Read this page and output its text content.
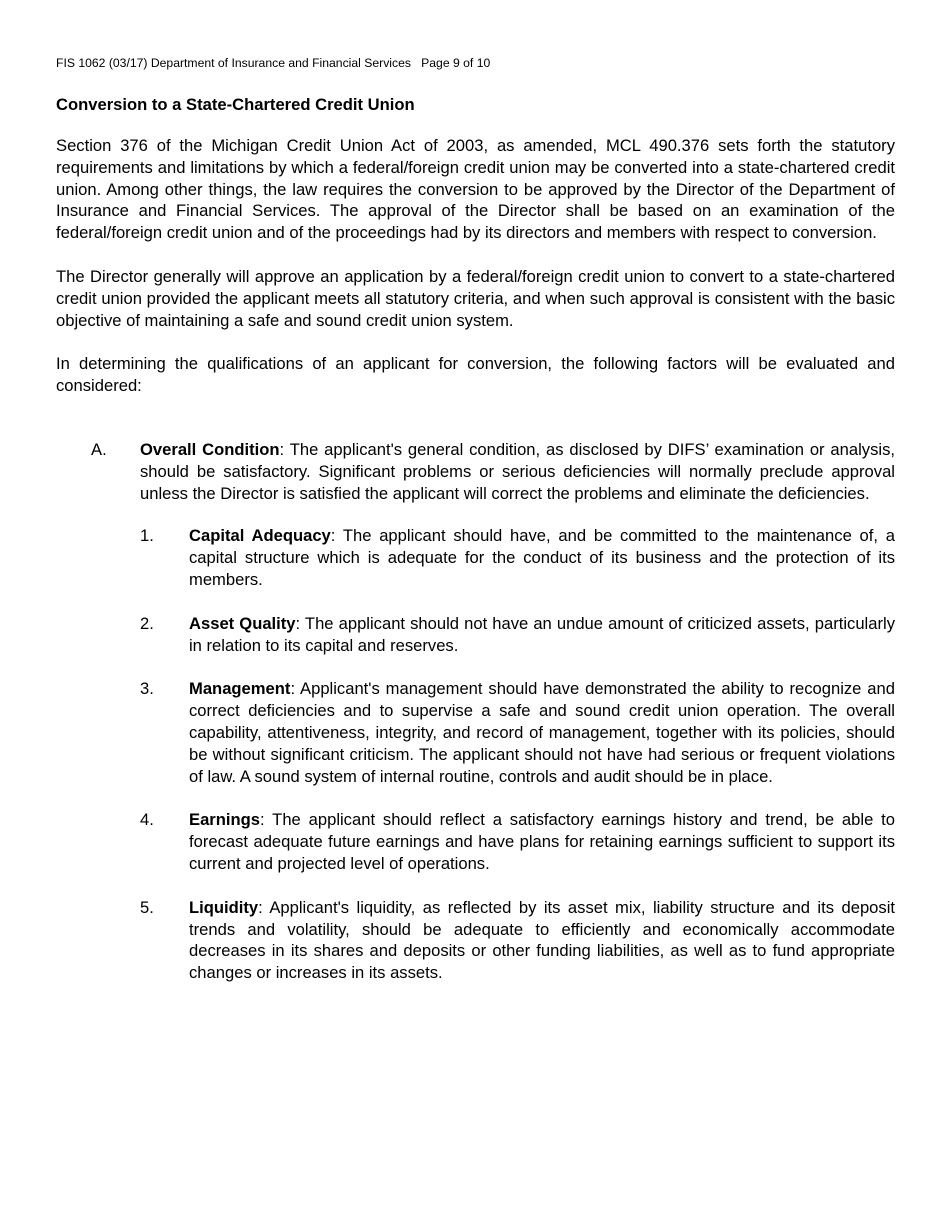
FIS 1062 (03/17) Department of Insurance and Financial Services   Page 9 of 10
Conversion to a State-Chartered Credit Union
Section 376 of the Michigan Credit Union Act of 2003, as amended, MCL 490.376 sets forth the statutory requirements and limitations by which a federal/foreign credit union may be converted into a state-chartered credit union. Among other things, the law requires the conversion to be approved by the Director of the Department of Insurance and Financial Services. The approval of the Director shall be based on an examination of the federal/foreign credit union and of the proceedings had by its directors and members with respect to conversion.
The Director generally will approve an application by a federal/foreign credit union to convert to a state-chartered credit union provided the applicant meets all statutory criteria, and when such approval is consistent with the basic objective of maintaining a safe and sound credit union system.
In determining the qualifications of an applicant for conversion, the following factors will be evaluated and considered:
A. Overall Condition: The applicant's general condition, as disclosed by DIFS’ examination or analysis, should be satisfactory. Significant problems or serious deficiencies will normally preclude approval unless the Director is satisfied the applicant will correct the problems and eliminate the deficiencies.
1. Capital Adequacy: The applicant should have, and be committed to the maintenance of, a capital structure which is adequate for the conduct of its business and the protection of its members.
2. Asset Quality: The applicant should not have an undue amount of criticized assets, particularly in relation to its capital and reserves.
3. Management: Applicant's management should have demonstrated the ability to recognize and correct deficiencies and to supervise a safe and sound credit union operation. The overall capability, attentiveness, integrity, and record of management, together with its policies, should be without significant criticism. The applicant should not have had serious or frequent violations of law. A sound system of internal routine, controls and audit should be in place.
4. Earnings: The applicant should reflect a satisfactory earnings history and trend, be able to forecast adequate future earnings and have plans for retaining earnings sufficient to support its current and projected level of operations.
5. Liquidity: Applicant's liquidity, as reflected by its asset mix, liability structure and its deposit trends and volatility, should be adequate to efficiently and economically accommodate decreases in its shares and deposits or other funding liabilities, as well as to fund appropriate changes or increases in its assets.
